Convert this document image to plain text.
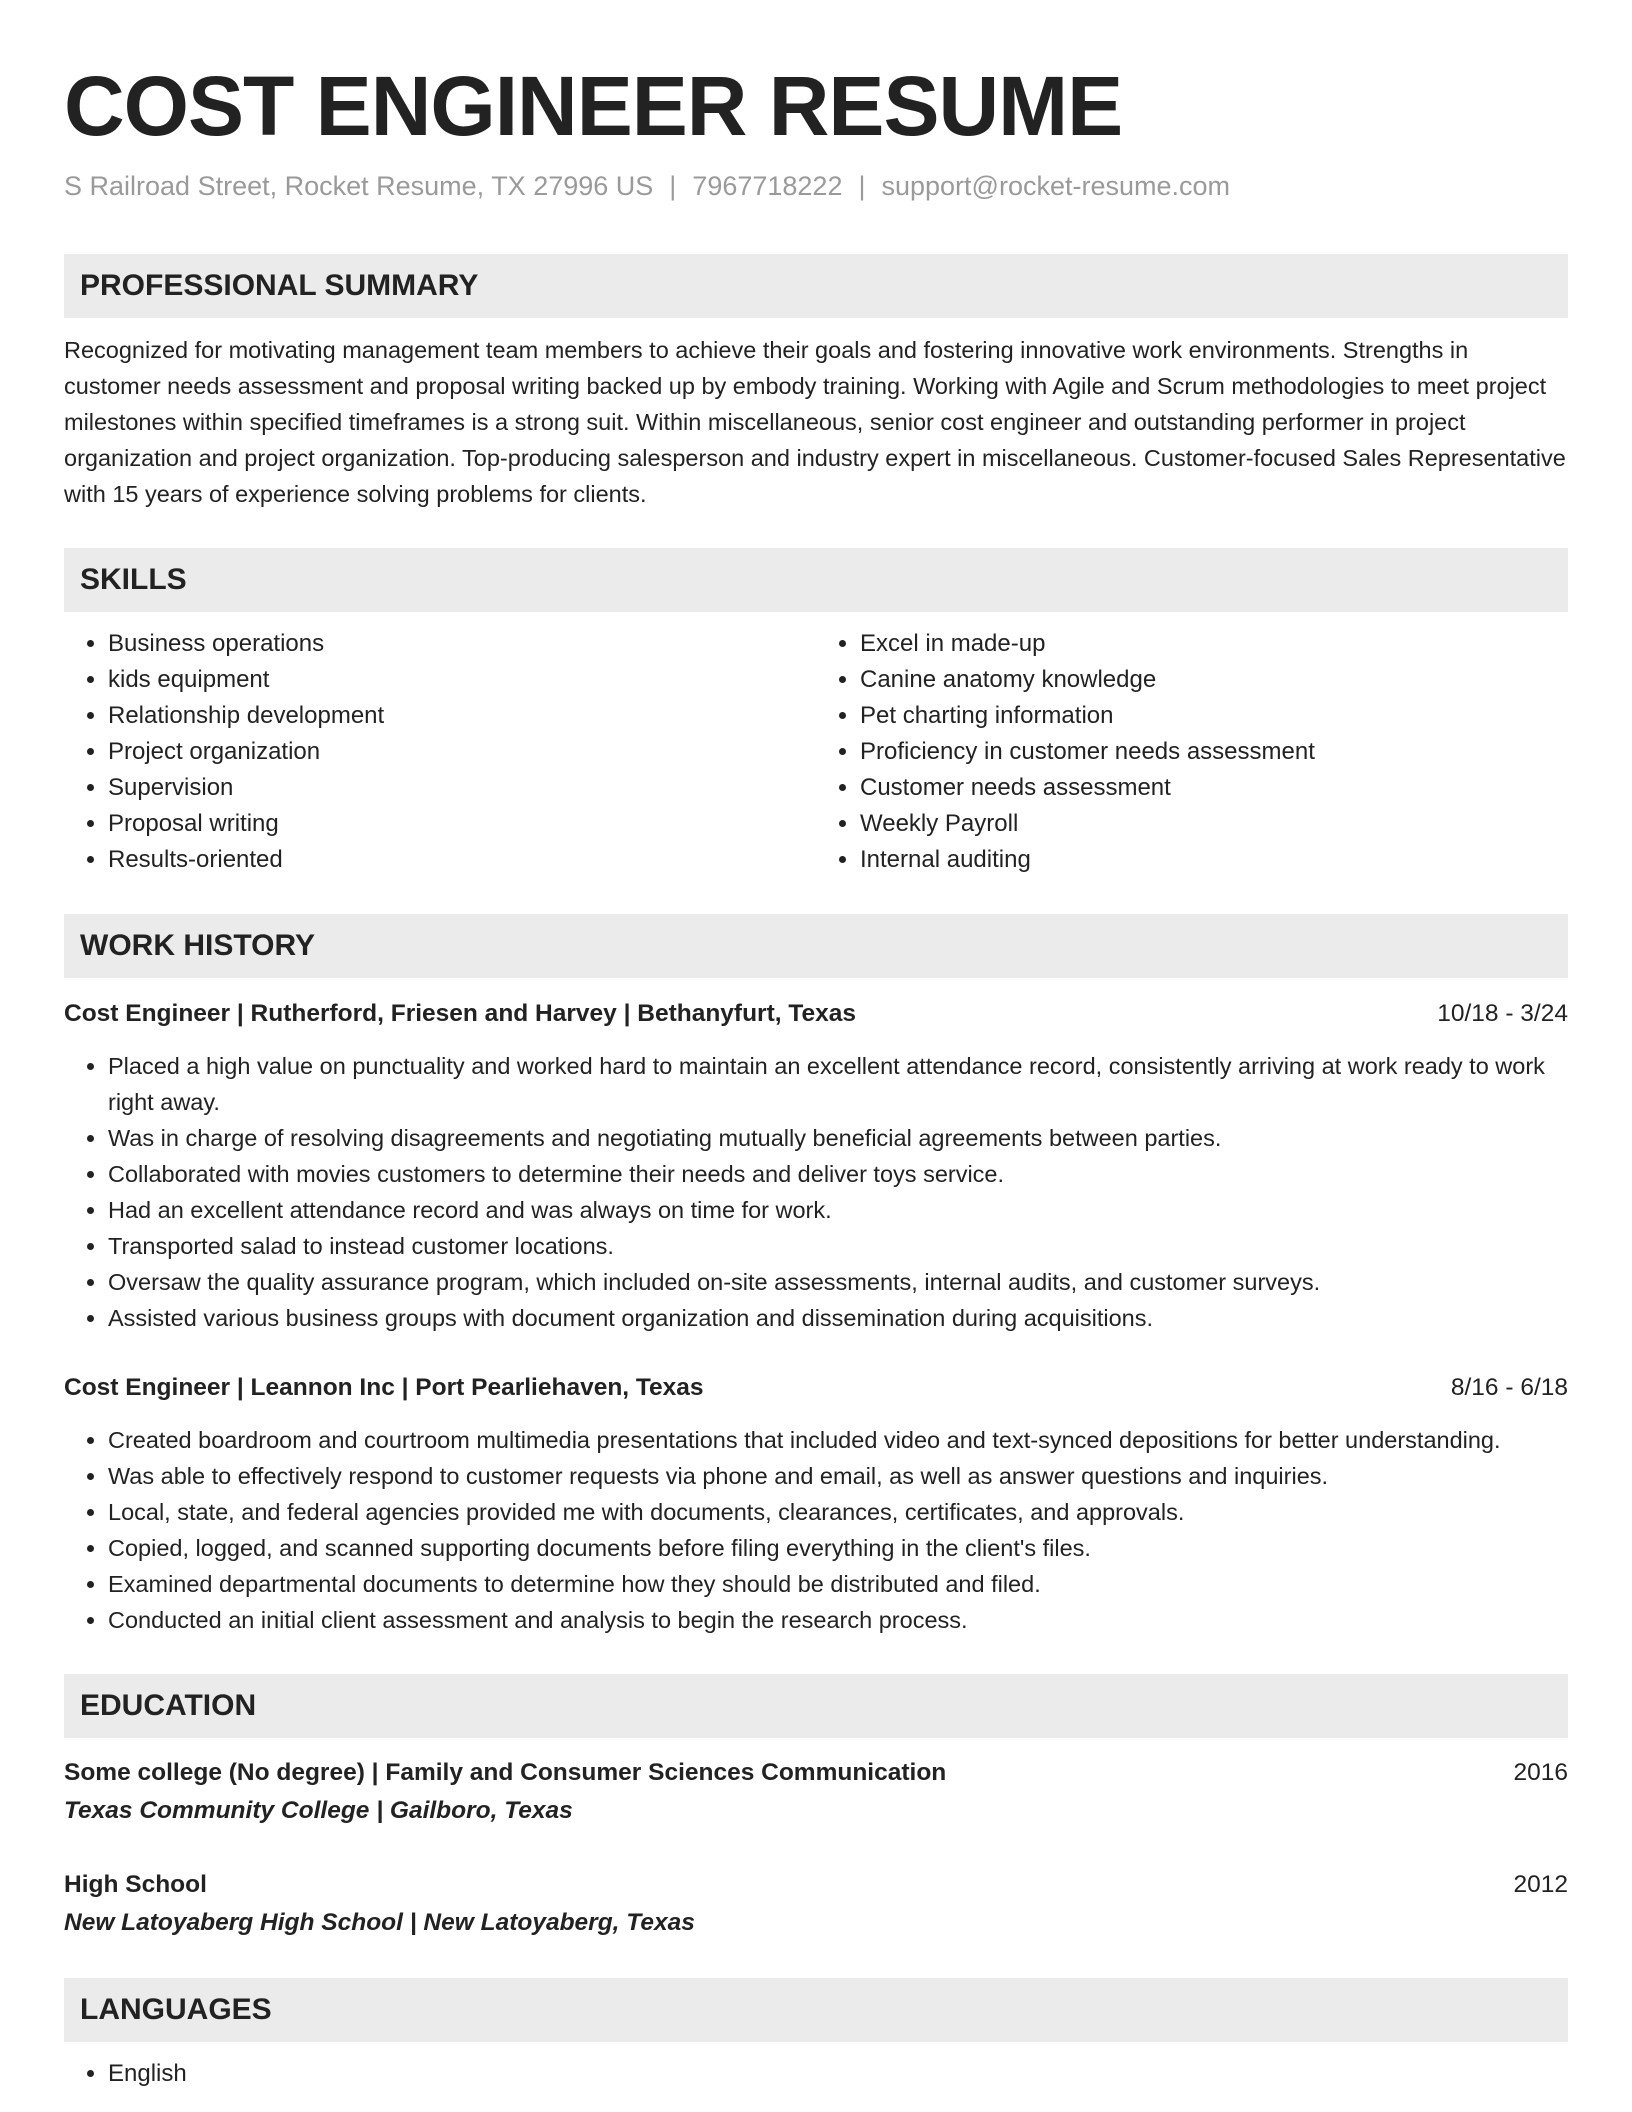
COST ENGINEER RESUME
S Railroad Street, Rocket Resume, TX 27996 US | 7967718222 | support@rocket-resume.com
PROFESSIONAL SUMMARY
Recognized for motivating management team members to achieve their goals and fostering innovative work environments. Strengths in customer needs assessment and proposal writing backed up by embody training. Working with Agile and Scrum methodologies to meet project milestones within specified timeframes is a strong suit. Within miscellaneous, senior cost engineer and outstanding performer in project organization and project organization. Top-producing salesperson and industry expert in miscellaneous. Customer-focused Sales Representative with 15 years of experience solving problems for clients.
SKILLS
• Business operations
• kids equipment
• Relationship development
• Project organization
• Supervision
• Proposal writing
• Results-oriented
• Excel in made-up
• Canine anatomy knowledge
• Pet charting information
• Proficiency in customer needs assessment
• Customer needs assessment
• Weekly Payroll
• Internal auditing
WORK HISTORY
Cost Engineer | Rutherford, Friesen and Harvey | Bethanyfurt, Texas	10/18 - 3/24
• Placed a high value on punctuality and worked hard to maintain an excellent attendance record, consistently arriving at work ready to work right away.
• Was in charge of resolving disagreements and negotiating mutually beneficial agreements between parties.
• Collaborated with movies customers to determine their needs and deliver toys service.
• Had an excellent attendance record and was always on time for work.
• Transported salad to instead customer locations.
• Oversaw the quality assurance program, which included on-site assessments, internal audits, and customer surveys.
• Assisted various business groups with document organization and dissemination during acquisitions.
Cost Engineer | Leannon Inc | Port Pearliehaven, Texas	8/16 - 6/18
• Created boardroom and courtroom multimedia presentations that included video and text-synced depositions for better understanding.
• Was able to effectively respond to customer requests via phone and email, as well as answer questions and inquiries.
• Local, state, and federal agencies provided me with documents, clearances, certificates, and approvals.
• Copied, logged, and scanned supporting documents before filing everything in the client's files.
• Examined departmental documents to determine how they should be distributed and filed.
• Conducted an initial client assessment and analysis to begin the research process.
EDUCATION
Some college (No degree) | Family and Consumer Sciences Communication	2016
Texas Community College | Gailboro, Texas
High School	2012
New Latoyaberg High School | New Latoyaberg, Texas
LANGUAGES
• English
